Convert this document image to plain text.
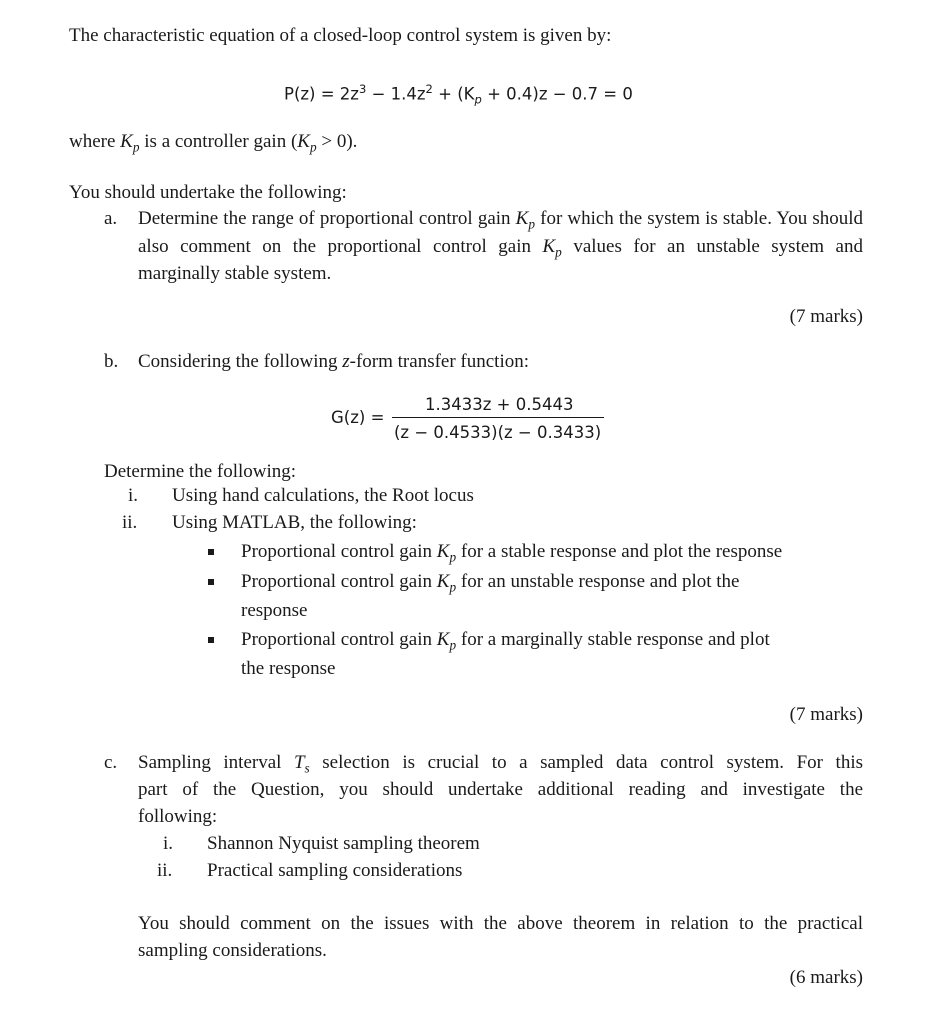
The characteristic equation of a closed-loop control system is given by:
$P(z) = 2z^3 - 1.4z^2 + (K_p + 0.4)z - 0.7 = 0$
where $K_p$ is a controller gain $(K_p > 0)$.
You should undertake the following:
a. Determine the range of proportional control gain $K_p$ for which the system is stable. You should
also comment on the proportional control gain $K_p$ values for an unstable system and
marginally stable system.
(7 marks)
b. Considering the following z-form transfer function:
G(z) =
1.3433z + 0.5443
(z − 0.4533)(z − 0.3433)
Determine the following:
i. Using hand calculations, the Root locus
ii. Using MATLAB, the following:
Proportional control gain $K_p$ for a stable response and plot the response
Proportional control gain $K_p$ for an unstable response and plot the
response
Proportional control gain $K_p$ for a marginally stable response and plot
the response
(7 marks)
c. Sampling interval $T_s$ selection is crucial to a sampled data control system. For this
part of the Question, you should undertake additional reading and investigate the
following:
i. Shannon Nyquist sampling theorem
ii. Practical sampling considerations
You should comment on the issues with the above theorem in relation to the practical
sampling considerations.
(6 marks)
